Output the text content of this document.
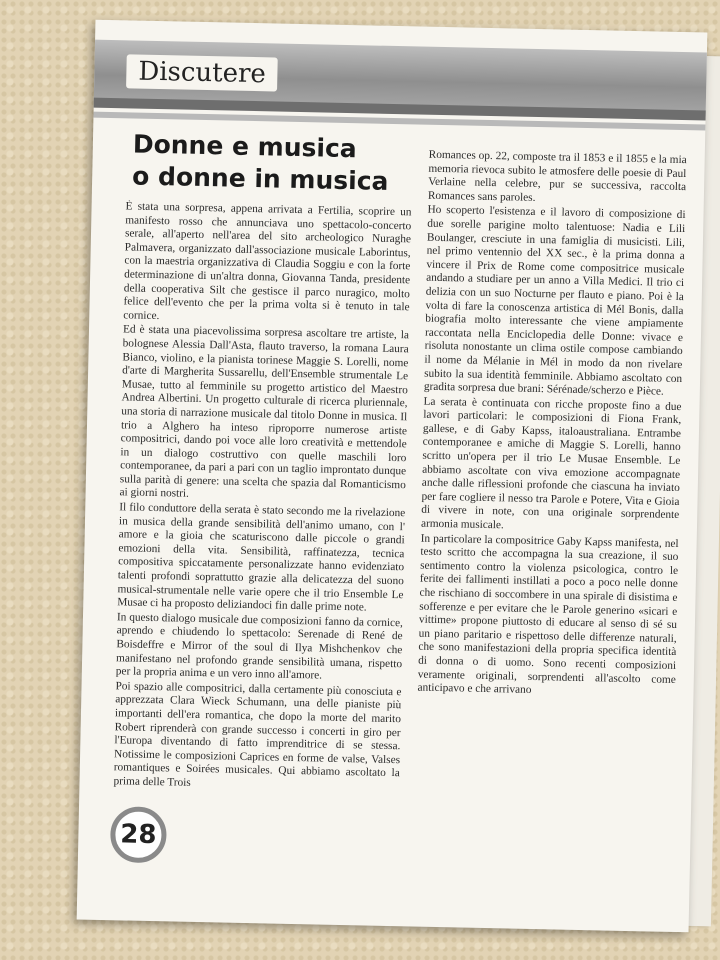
Discutere
Donne e musica
o donne in musica

È stata una sorpresa, appena arrivata a Fertilia, scoprire un manifesto rosso che annunciava uno spettacolo-concerto serale, all'aperto nell'area del sito archeologico Nuraghe Palmavera, organizzato dall'associazione musicale Laborintus, con la maestria organizzativa di Claudia Soggiu e con la forte determinazione di un'altra donna, Giovanna Tanda, presidente della cooperativa Silt che gestisce il parco nuragico, molto felice dell'evento che per la prima volta si è tenuto in tale cornice.

Ed è stata una piacevolissima sorpresa ascoltare tre artiste, la bolognese Alessia Dall'Asta, flauto traverso, la romana Laura Bianco, violino, e la pianista torinese Maggie S. Lorelli, nome d'arte di Margherita Sussarellu, dell'Ensemble strumentale Le Musae, tutto al femminile su progetto artistico del Maestro Andrea Albertini. Un progetto culturale di ricerca pluriennale, una storia di narrazione musicale dal titolo Donne in musica. Il trio a Alghero ha inteso riproporre numerose artiste compositrici, dando poi voce alle loro creatività e mettendole in un dialogo costruttivo con quelle maschili loro contemporanee, da pari a pari con un taglio improntato dunque sulla parità di genere: una scelta che spazia dal Romanticismo ai giorni nostri.

Il filo conduttore della serata è stato secondo me la rivelazione in musica della grande sensibilità dell'animo umano, con l' amore e la gioia che scaturiscono dalle piccole o grandi emozioni della vita. Sensibilità, raffinatezza, tecnica compositiva spiccatamente personalizzate hanno evidenziato talenti profondi soprattutto grazie alla delicatezza del suono musical-strumentale nelle varie opere che il trio Ensemble Le Musae ci ha proposto deliziandoci fin dalle prime note.

In questo dialogo musicale due composizioni fanno da cornice, aprendo e chiudendo lo spettacolo: Serenade di René de Boisdeffre e Mirror of the soul di Ilya Mishchenkov che manifestano nel profondo grande sensibilità umana, rispetto per la propria anima e un vero inno all'amore.

Poi spazio alle compositrici, dalla certamente più conosciuta e apprezzata Clara Wieck Schumann, una delle pianiste più importanti dell'era romantica, che dopo la morte del marito Robert riprenderà con grande successo i concerti in giro per l'Europa diventando di fatto imprenditrice di se stessa. Notissime le composizioni Caprices en forme de valse, Valses romantiques e Soirées musicales. Qui abbiamo ascoltato la prima delle Trois

Romances op. 22, composte tra il 1853 e il 1855 e la mia memoria rievoca subito le atmosfere delle poesie di Paul Verlaine nella celebre, pur se successiva, raccolta Romances sans paroles.

Ho scoperto l'esistenza e il lavoro di composizione di due sorelle parigine molto talentuose: Nadia e Lili Boulanger, cresciute in una famiglia di musicisti. Lili, nel primo ventennio del XX sec., è la prima donna a vincere il Prix de Rome come compositrice musicale andando a studiare per un anno a Villa Medici. Il trio ci delizia con un suo Nocturne per flauto e piano. Poi è la volta di fare la conoscenza artistica di Mél Bonis, dalla biografia molto interessante che viene ampiamente raccontata nella Enciclopedia delle Donne: vivace e risoluta nonostante un clima ostile compose cambiando il nome da Mélanie in Mél in modo da non rivelare subito la sua identità femminile. Abbiamo ascoltato con gradita sorpresa due brani: Sérénade/scherzo e Pièce.

La serata è continuata con ricche proposte fino a due lavori particolari: le composizioni di Fiona Frank, gallese, e di Gaby Kapss, italoaustraliana. Entrambe contemporanee e amiche di Maggie S. Lorelli, hanno scritto un'opera per il trio Le Musae Ensemble. Le abbiamo ascoltate con viva emozione accompagnate anche dalle riflessioni profonde che ciascuna ha inviato per fare cogliere il nesso tra Parole e Potere, Vita e Gioia di vivere in note, con una originale sorprendente armonia musicale.

In particolare la compositrice Gaby Kapss manifesta, nel testo scritto che accompagna la sua creazione, il suo sentimento contro la violenza psicologica, contro le ferite dei fallimenti instillati a poco a poco nelle donne che rischiano di soccombere in una spirale di disistima e sofferenze e per evitare che le Parole generino «sicari e vittime» propone piuttosto di educare al senso di sé su un piano paritario e rispettoso delle differenze naturali, che sono manifestazioni della propria specifica identità di donna o di uomo. Sono recenti composizioni veramente originali, sorprendenti all'ascolto come anticipavo e che arrivano

28
